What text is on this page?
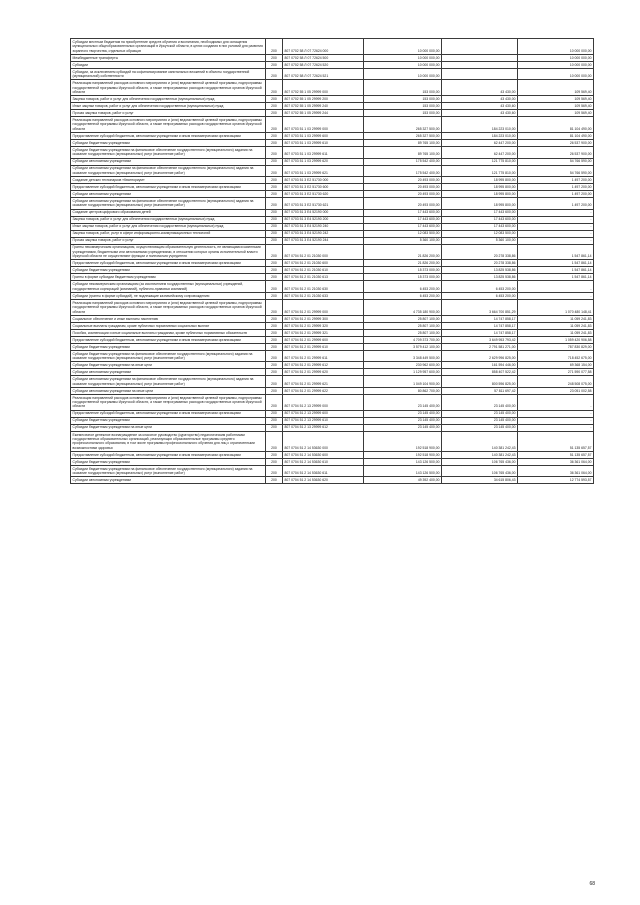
Субсидии местным бюджетам на приобретение средств обучения и воспитания, необходимых для оснащения муниципальных общеобразовательных организаций в Иркутской области, в целях создания в них условий для развития экранного творчества, отдельных образцов	200	807 0702 58 Л 07 72624 000	10 000 000,00		10 000 000,00
Межбюджетные трансферты	200	807 0702 58 Л 07 72624 500	10 000 000,00		10 000 000,00
Субсидии	200	807 0702 58 Л 07 72624 520	10 000 000,00		10 000 000,00
Субсидии, за исключением субсидий на софинансирование капитальных вложений в объекты государственной (муниципальной) собственности	200	807 0702 58 Л 07 72624 521	10 000 000,00		10 000 000,00
Реализация направлений расходов основного мероприятия и (или) ведомственной целевой программы, подпрограммы государственной программы Иркутской области, а также непрограммных расходов государственных органов Иркутской области	200	807 0702 55 1 05 29999 000	153 000,00	43 430,00	109 569,40
Закупка товаров, работ и услуг для обеспечения государственных (муниципальных) нужд	200	807 0702 55 1 05 29999 200	153 000,00	43 430,00	109 569,40
Иные закупки товаров, работ и услуг для обеспечения государственных (муниципальных) нужд	200	807 0702 55 1 05 29999 240	153 000,00	43 430,60	109 569,40
Прочая закупка товаров, работ и услуг	200	807 0702 55 1 05 29999 244	153 000,00	43 430,60	109 569,40
Реализация направлений расходов основного мероприятия и (или) ведомственной целевой программы, подпрограммы государственной программы Иркутской области, а также непрограммных расходов государственных органов Иркутской области	200	807 0703 51 1 03 29999 000	265 327 500,00	184 223 010,00	81 104 490,00
Предоставление субсидий бюджетным, автономным учреждениям и иным некоммерческим организациям	200	807 0703 51 1 03 29999 600	265 327 500,00	184 223 010,00	81 104 490,00
Субсидии бюджетным учреждениям	200	807 0703 51 1 03 29999 610	89 765 100,00	62 447 200,00	26 537 900,00
Субсидии бюджетным учреждениям на финансовое обеспечение государственного (муниципального) задания на оказание государственных (муниципальных) услуг (выполнение работ)	200	807 0703 51 1 03 29999 611	89 765 100,00	62 447 200,00	26 537 900,00
Субсидии автономным учреждениям	200	807 0703 51 1 03 29999 620	175 542 400,00	121 775 810,00	54 766 590,00
Субсидии автономным учреждениям на финансовое обеспечение государственного (муниципального) задания на оказание государственных (муниципальных) услуг (выполнение работ)	200	807 0703 51 1 03 29999 621	175 542 400,00	121 775 810,00	54 766 590,00
Создание детских технопарков «Кванториум»	200	807 0703 51 3 E2 51730 000	20 493 000,00	18 995 800,00	1 497 200,00
Предоставление субсидий бюджетным, автономным учреждениям и иным некоммерческим организациям	200	807 0703 51 3 E2 51730 600	20 493 000,00	18 995 800,00	1 497 200,00
Субсидии автономным учреждениям	200	807 0703 51 3 E2 51730 620	20 493 000,00	18 995 800,00	1 497 200,00
Субсидии автономным учреждениям на финансовое обеспечение государственного (муниципального) задания на оказание государственных (муниципальных) услуг (выполнение работ)	200	807 0703 51 3 E2 51730 621	20 493 000,00	18 995 800,00	1 497 200,00
Создание центров цифрового образования детей	200	807 0703 51 3 E4 52190 000	17 443 600,00	17 443 600,00	-
Закупка товаров, работ и услуг для обеспечения государственных (муниципальных) нужд	200	807 0703 51 3 E4 52190 200	17 443 600,00	17 443 600,00	-
Иные закупки товаров, работ и услуг для обеспечения государственных (муниципальных) нужд	200	807 0703 51 3 E4 52190 240	17 443 600,00	17 443 600,00	-
Закупка товаров, работ, услуг в сфере информационно-коммуникационных технологий	200	807 0703 51 3 E4 52190 242	12 083 500,00	12 083 500,00	-
Прочая закупка товаров, работ и услуг	200	807 0703 51 3 E4 52190 244	5 360 100,00	5 360 100,00	-
Гранты некоммерческим организациям, осуществляющим образовательную деятельность, не являющимся казенными учреждениями, бюджетными или автономными учреждениями, в отношении которых органы исполнительной власти Иркутской области не осуществляют функции и полномочия учредителя	200	807 0704 51 2 01 21030 000	21 826 200,00	20 278 338,86	1 547 861,14
Предоставление субсидий бюджетным, автономным учреждениям и иным некоммерческим организациям	200	807 0704 51 2 01 21030 600	21 826 200,00	20 278 338,86	1 547 861,14
Субсидии бюджетным учреждениям	200	807 0704 51 2 01 21030 610	15 373 000,00	13 825 538,86	1 547 861,14
Гранты в форме субсидии бюджетным учреждениям	200	807 0704 51 2 01 21030 613	15 373 000,00	13 825 538,86	1 547 861,14
Субсидии некоммерческим организациям (за исключением государственных (муниципальных) учреждений, государственных корпораций (компаний), публично-правовых компаний)	200	807 0704 51 2 01 21030 630	6 453 200,00	6 453 200,00	-
Субсидии (гранты в форме субсидий), не подлежащие казначейскому сопровождению	200	807 0704 51 2 01 21030 633	6 453 200,00	6 453 200,00	-
Реализация направлений расходов основного мероприятия и (или) ведомственной целевой программы, подпрограммы государственной программы Иркутской области, а также непрограммных расходов государственных органов Иркутской области	200	807 0704 51 2 01 29999 000	4 735 180 900,00	3 664 700 851,29	1 070 480 148,41
Социальное обеспечение и иные выплаты населению	200	807 0704 51 2 01 29999 300	25 807 100,00	14 747 858,17	11 059 241,83
Социальные выплаты гражданам, кроме публичных нормативных социальных выплат	200	807 0704 51 2 01 29999 320	25 807 100,00	14 747 858,17	11 059 241,83
Пособия, компенсации и иные социальные выплаты гражданам, кроме публичных нормативных обязательств	200	807 0704 51 2 01 29999 321	25 807 100,00	14 747 858,17	11 059 241,83
Предоставление субсидий бюджетным, автономным учреждениям и иным некоммерческим организациям	200	807 0704 51 2 01 29999 600	4 709 373 700,00	3 649 953 793,42	1 059 420 906,58
Субсидии бюджетным учреждениям	200	807 0704 51 2 01 29999 610	3 579 412 100,00	2 791 581 271,00	787 830 829,00
Субсидии бюджетным учреждениям на финансовое обеспечение государственного (муниципального) задания на оказание государственных (муниципальных) услуг (выполнение работ)	200	807 0704 51 2 01 29999 611	3 348 449 500,00	2 629 996 825,00	718 452 675,00
Субсидии бюджетным учреждениям на иные цели	200	807 0704 51 2 01 29999 612	230 962 600,00	161 594 446,00	69 368 154,00
Субсидии автономным учреждениям	200	807 0704 51 2 01 29999 620	1 129 957 600,00	858 407 522,42	271 590 077,58
Субсидии автономным учреждениям на финансовое обеспечение государственного (муниципального) задания на оказание государственных (муниципальных) услуг (выполнение работ)	200	807 0704 51 2 01 29999 621	1 049 104 900,00	800 596 825,00	248 508 075,00
Субсидии автономным учреждениям на иные цели	200	807 0704 51 2 01 29999 622	80 862 700,00	57 811 697,42	23 051 002,58
Реализация направлений расходов основного мероприятия и (или) ведомственной целевой программы, подпрограммы государственной программы Иркутской области, а также непрограммных расходов государственных органов Иркутской области	200	807 0704 51 2 13 29999 000	23 145 400,00	23 145 400,00	-
Предоставление субсидий бюджетным, автономным учреждениям и иным некоммерческим организациям	200	807 0704 51 2 13 29999 600	23 145 400,00	23 145 400,00	-
Субсидии бюджетным учреждениям	200	807 0704 51 2 13 29999 610	23 145 400,00	23 145 400,00	-
Субсидии бюджетным учреждениям на иные цели	200	807 0704 51 2 13 29999 612	23 145 400,00	23 145 400,00	-
Ежемесячное денежное вознаграждение за классное руководство (кураторство) педагогическим работникам государственных образовательных организаций, реализующих образовательные программы среднего профессионального образования, в том числе программы профессионального обучения для лиц с ограниченными возможностями здоровья	200	807 0704 51 2 14 53630 000	192 518 900,00	140 381 242,43	51 135 657,57
Предоставление субсидий бюджетным, автономным учреждениям и иным некоммерческим организациям	200	807 0704 51 2 14 53630 600	192 518 900,00	140 381 242,43	51 135 657,57
Субсидии бюджетным учреждениям	200	807 0704 51 2 14 53630 610	143 126 500,00	106 765 436,00	36 361 064,00
Субсидии бюджетным учреждениям на финансовое обеспечение государственного (муниципального) задания на оказание государственных (муниципальных) услуг (выполнение работ)	200	807 0704 51 2 14 53630 611	143 126 500,00	106 765 436,00	36 361 064,00
Субсидии автономным учреждениям	200	807 0704 51 2 14 53630 620	49 392 400,00	34 615 806,43	12 774 593,57
68
